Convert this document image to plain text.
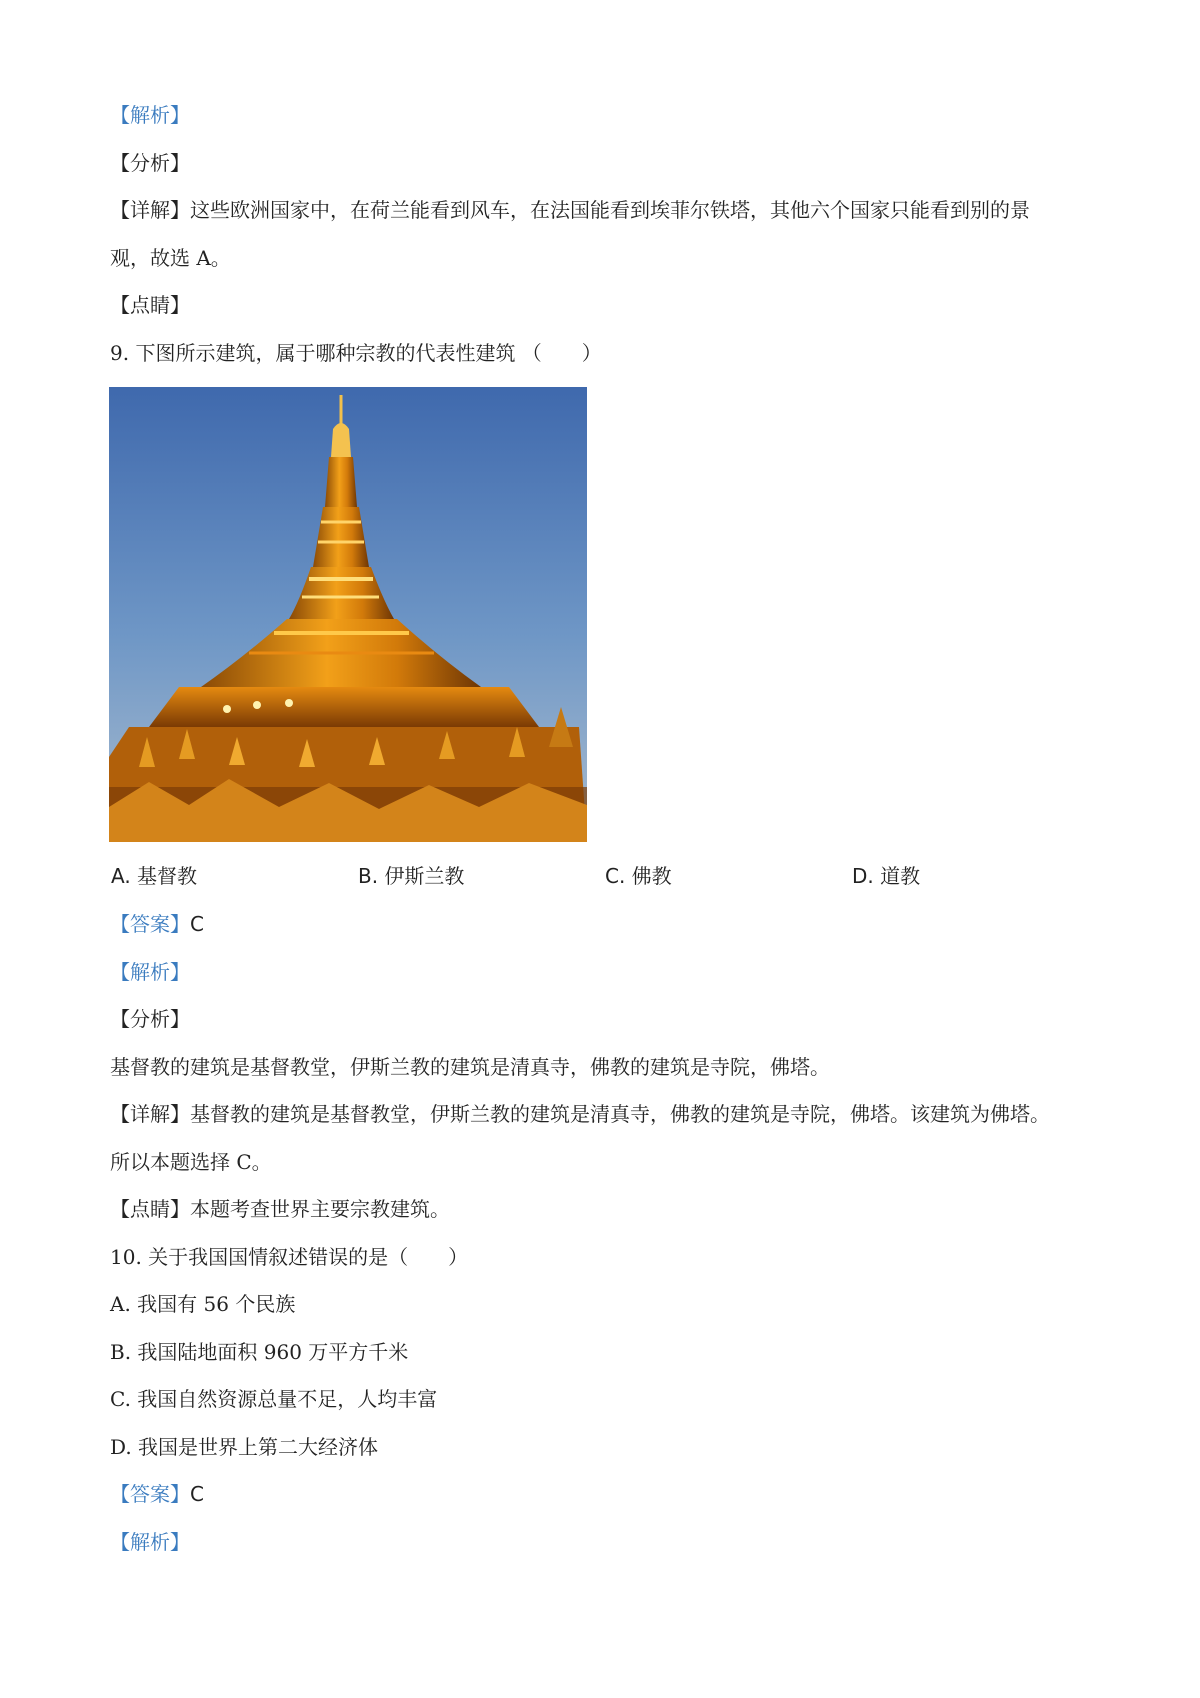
【解析】
【分析】
【详解】这些欧洲国家中，在荷兰能看到风车，在法国能看到埃菲尔铁塔，其他六个国家只能看到别的景
观，故选 A。
【点睛】
9. 下图所示建筑，属于哪种宗教的代表性建筑 （　　）
A. 基督教	B. 伊斯兰教	C. 佛教	D. 道教
【答案】C
【解析】
【分析】
基督教的建筑是基督教堂，伊斯兰教的建筑是清真寺，佛教的建筑是寺院，佛塔。
【详解】基督教的建筑是基督教堂，伊斯兰教的建筑是清真寺，佛教的建筑是寺院，佛塔。该建筑为佛塔。
所以本题选择 C。
【点睛】本题考查世界主要宗教建筑。
10. 关于我国国情叙述错误的是（　　）
A. 我国有 56 个民族
B. 我国陆地面积 960 万平方千米
C. 我国自然资源总量不足，人均丰富
D. 我国是世界上第二大经济体
【答案】C
【解析】
